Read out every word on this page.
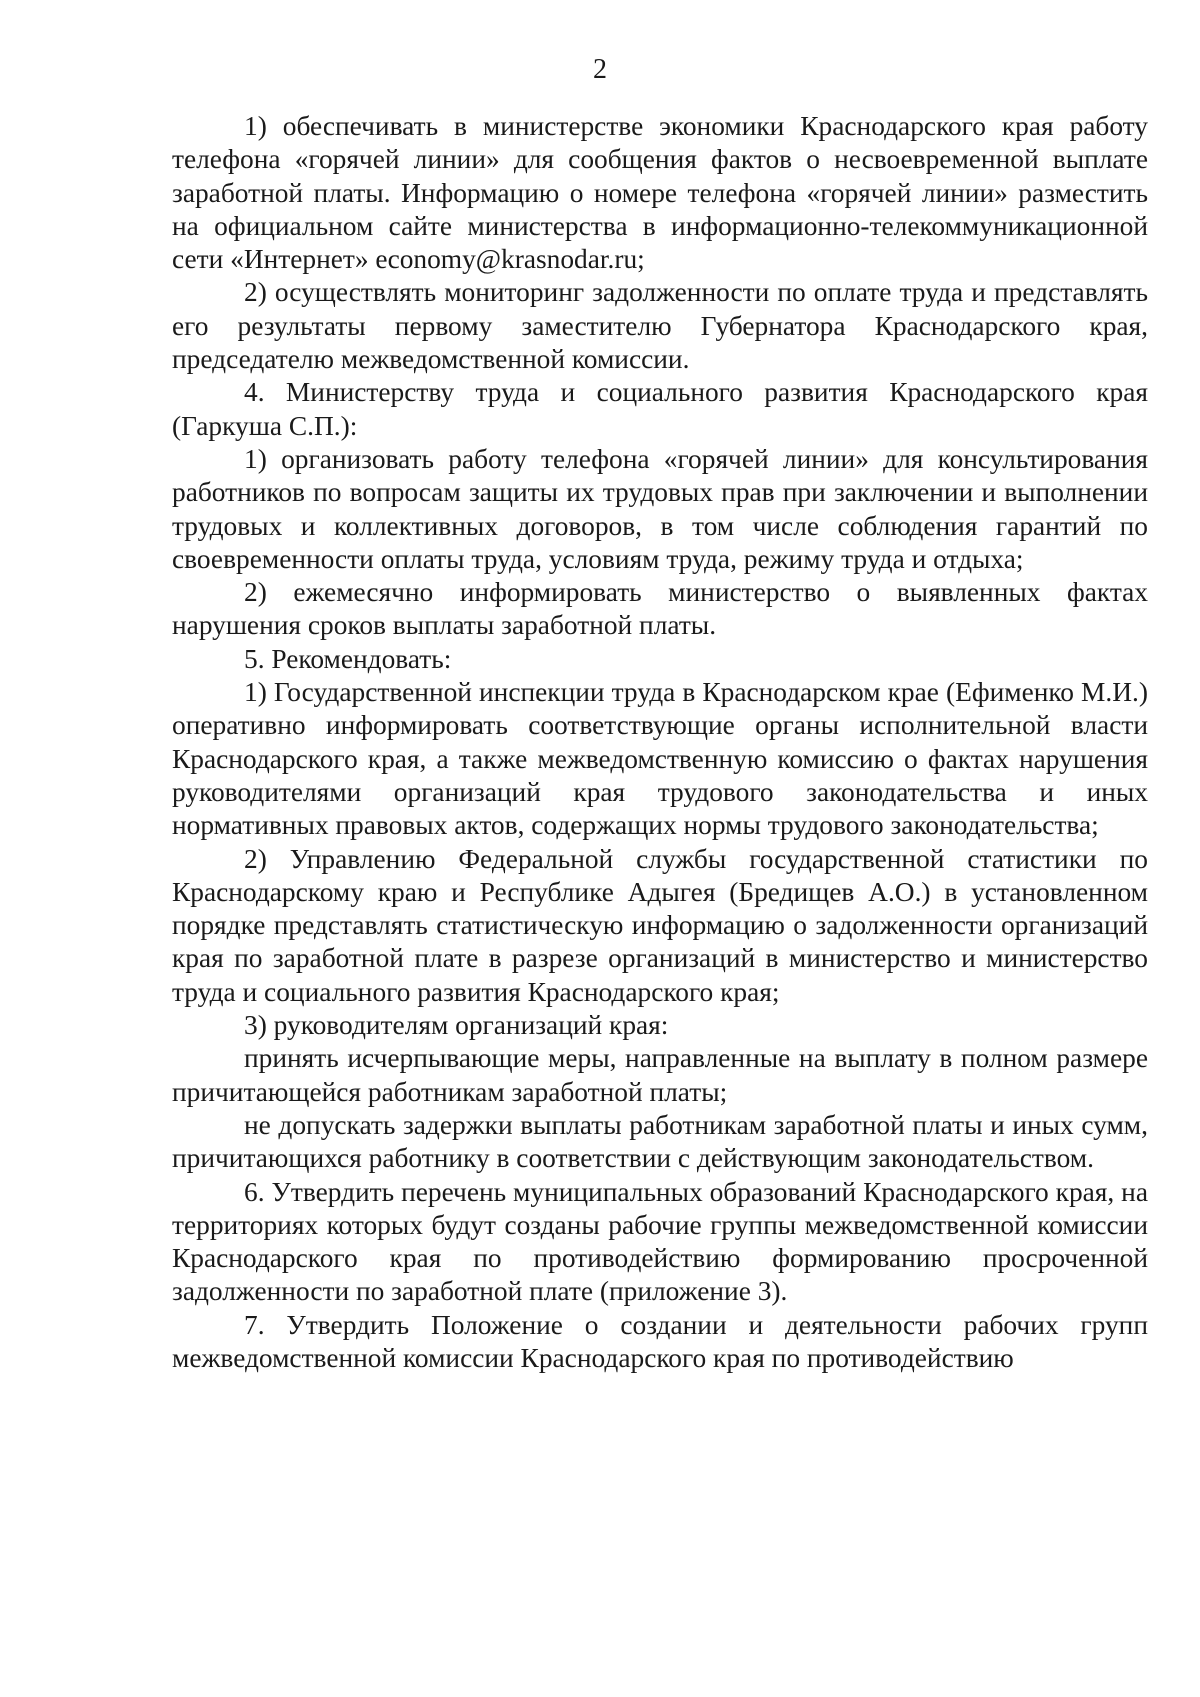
2

1) обеспечивать в министерстве экономики Краснодарского края работу телефона «горячей линии» для сообщения фактов о несвоевременной выплате заработной платы. Информацию о номере телефона «горячей линии» разместить на официальном сайте министерства в информационно-телекоммуникационной сети «Интернет» economy@krasnodar.ru;

2) осуществлять мониторинг задолженности по оплате труда и представлять его результаты первому заместителю Губернатора Краснодарского края, председателю межведомственной комиссии.

4. Министерству труда и социального развития Краснодарского края (Гаркуша С.П.):

1) организовать работу телефона «горячей линии» для консультирования работников по вопросам защиты их трудовых прав при заключении и выполнении трудовых и коллективных договоров, в том числе соблюдения гарантий по своевременности оплаты труда, условиям труда, режиму труда и отдыха;

2) ежемесячно информировать министерство о выявленных фактах нарушения сроков выплаты заработной платы.

5. Рекомендовать:

1) Государственной инспекции труда в Краснодарском крае (Ефименко М.И.) оперативно информировать соответствующие органы исполнительной власти Краснодарского края, а также межведомственную комиссию о фактах нарушения руководителями организаций края трудового законодательства и иных нормативных правовых актов, содержащих нормы трудового законодательства;

2) Управлению Федеральной службы государственной статистики по Краснодарскому краю и Республике Адыгея (Бредищев А.О.) в установленном порядке представлять статистическую информацию о задолженности организаций края по заработной плате в разрезе организаций в министерство и министерство труда и социального развития Краснодарского края;

3) руководителям организаций края:

принять исчерпывающие меры, направленные на выплату в полном размере причитающейся работникам заработной платы;

не допускать задержки выплаты работникам заработной платы и иных сумм, причитающихся работнику в соответствии с действующим законодательством.

6. Утвердить перечень муниципальных образований Краснодарского края, на территориях которых будут созданы рабочие группы межведомственной комиссии Краснодарского края по противодействию формированию просроченной задолженности по заработной плате (приложение 3).

7. Утвердить Положение о создании и деятельности рабочих групп межведомственной комиссии Краснодарского края по противодействию
